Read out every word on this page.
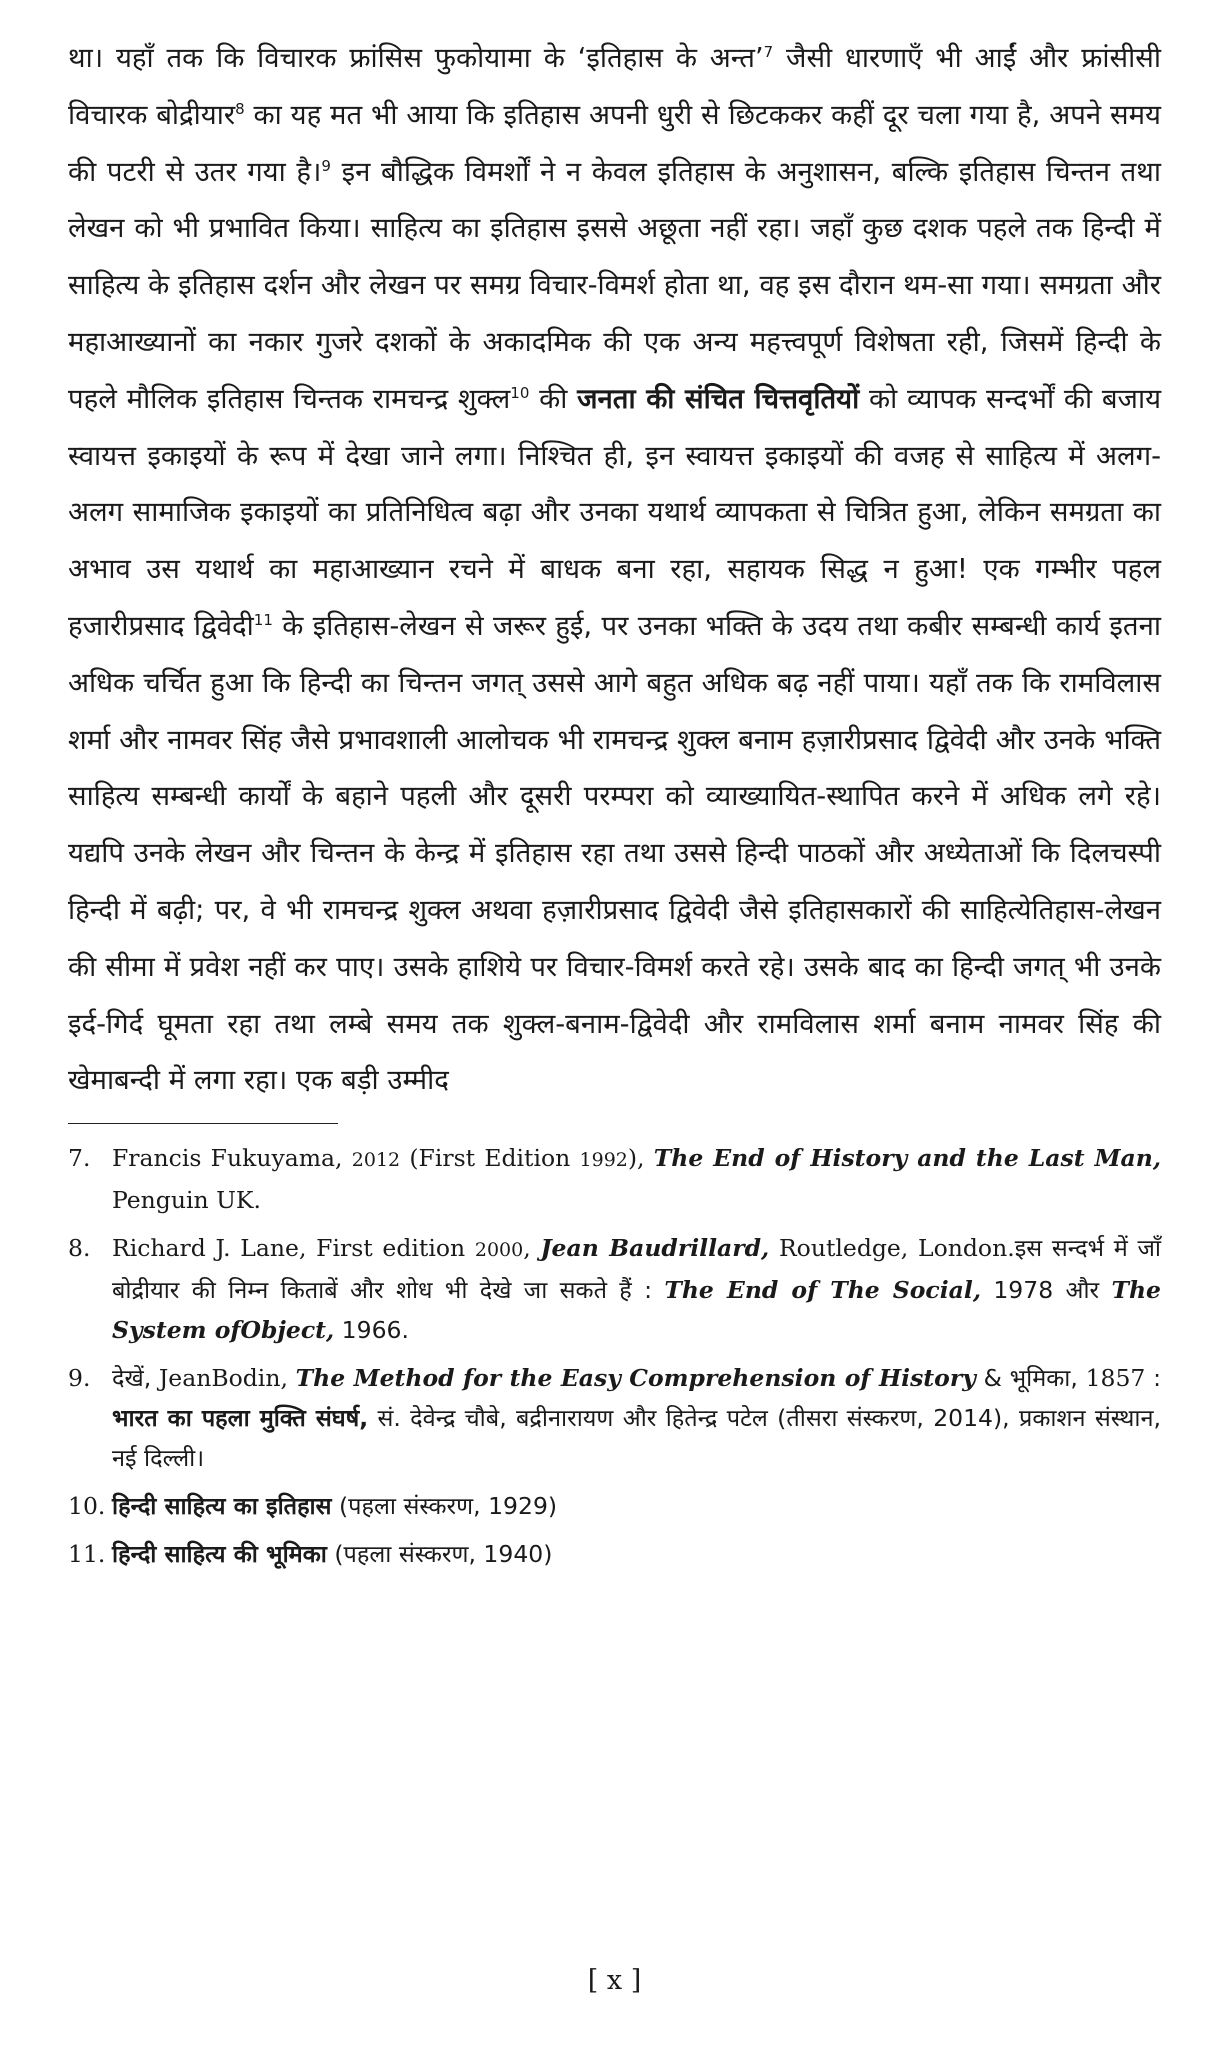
था। यहाँ तक कि विचारक फ्रांसिस फुकोयामा के ‘इतिहास के अन्त’$^7$ जैसी धारणाएँ भी आईं और फ्रांसीसी विचारक बोद्रीयार$^8$ का यह मत भी आया कि इतिहास अपनी धुरी से छिटककर कहीं दूर चला गया है, अपने समय की पटरी से उतर गया है।$^9$ इन बौद्धिक विमर्शों ने न केवल इतिहास के अनुशासन, बल्कि इतिहास चिन्तन तथा लेखन को भी प्रभावित किया। साहित्य का इतिहास इससे अछूता नहीं रहा। जहाँ कुछ दशक पहले तक हिन्दी में साहित्य के इतिहास दर्शन और लेखन पर समग्र विचार-विमर्श होता था, वह इस दौरान थम-सा गया। समग्रता और महाआख्यानों का नकार गुजरे दशकों के अकादमिक की एक अन्य महत्त्वपूर्ण विशेषता रही, जिसमें हिन्दी के पहले मौलिक इतिहास चिन्तक रामचन्द्र शुक्ल$^{10}$ की जनता की संचित चित्तवृतियों को व्यापक सन्दर्भों की बजाय स्वायत्त इकाइयों के रूप में देखा जाने लगा। निश्चित ही, इन स्वायत्त इकाइयों की वजह से साहित्य में अलग-अलग सामाजिक इकाइयों का प्रतिनिधित्व बढ़ा और उनका यथार्थ व्यापकता से चित्रित हुआ, लेकिन समग्रता का अभाव उस यथार्थ का महाआख्यान रचने में बाधक बना रहा, सहायक सिद्ध न हुआ! एक गम्भीर पहल हजारीप्रसाद द्विवेदी$^{11}$ के इतिहास-लेखन से जरूर हुई, पर उनका भक्ति के उदय तथा कबीर सम्बन्धी कार्य इतना अधिक चर्चित हुआ कि हिन्दी का चिन्तन जगत् उससे आगे बहुत अधिक बढ़ नहीं पाया। यहाँ तक कि रामविलास शर्मा और नामवर सिंह जैसे प्रभावशाली आलोचक भी रामचन्द्र शुक्ल बनाम हज़ारीप्रसाद द्विवेदी और उनके भक्ति साहित्य सम्बन्धी कार्यों के बहाने पहली और दूसरी परम्परा को व्याख्यायित-स्थापित करने में अधिक लगे रहे। यद्यपि उनके लेखन और चिन्तन के केन्द्र में इतिहास रहा तथा उससे हिन्दी पाठकों और अध्येताओं कि दिलचस्पी हिन्दी में बढ़ी; पर, वे भी रामचन्द्र शुक्ल अथवा हज़ारीप्रसाद द्विवेदी जैसे इतिहासकारों की साहित्येतिहास-लेखन की सीमा में प्रवेश नहीं कर पाए। उसके हाशिये पर विचार-विमर्श करते रहे। उसके बाद का हिन्दी जगत् भी उनके इर्द-गिर्द घूमता रहा तथा लम्बे समय तक शुक्ल-बनाम-द्विवेदी और रामविलास शर्मा बनाम नामवर सिंह की खेमाबन्दी में लगा रहा। एक बड़ी उम्मीद

7. Francis Fukuyama, 2012 (First Edition 1992), The End of History and the Last Man, Penguin UK.
8. Richard J. Lane, First edition 2000, Jean Baudrillard, Routledge, London.इस सन्दर्भ में जाँ बोद्रीयार की निम्न किताबें और शोध भी देखे जा सकते हैं : The End of The Social, 1978 और The System ofObject, 1966.
9. देखें, JeanBodin, The Method for the Easy Comprehension of History & भूमिका, 1857 : भारत का पहला मुक्ति संघर्ष, सं. देवेन्द्र चौबे, बद्रीनारायण और हितेन्द्र पटेल (तीसरा संस्करण, 2014), प्रकाशन संस्थान, नई दिल्ली।
10. हिन्दी साहित्य का इतिहास (पहला संस्करण, 1929)
11. हिन्दी साहित्य की भूमिका (पहला संस्करण, 1940)
[ x ]
